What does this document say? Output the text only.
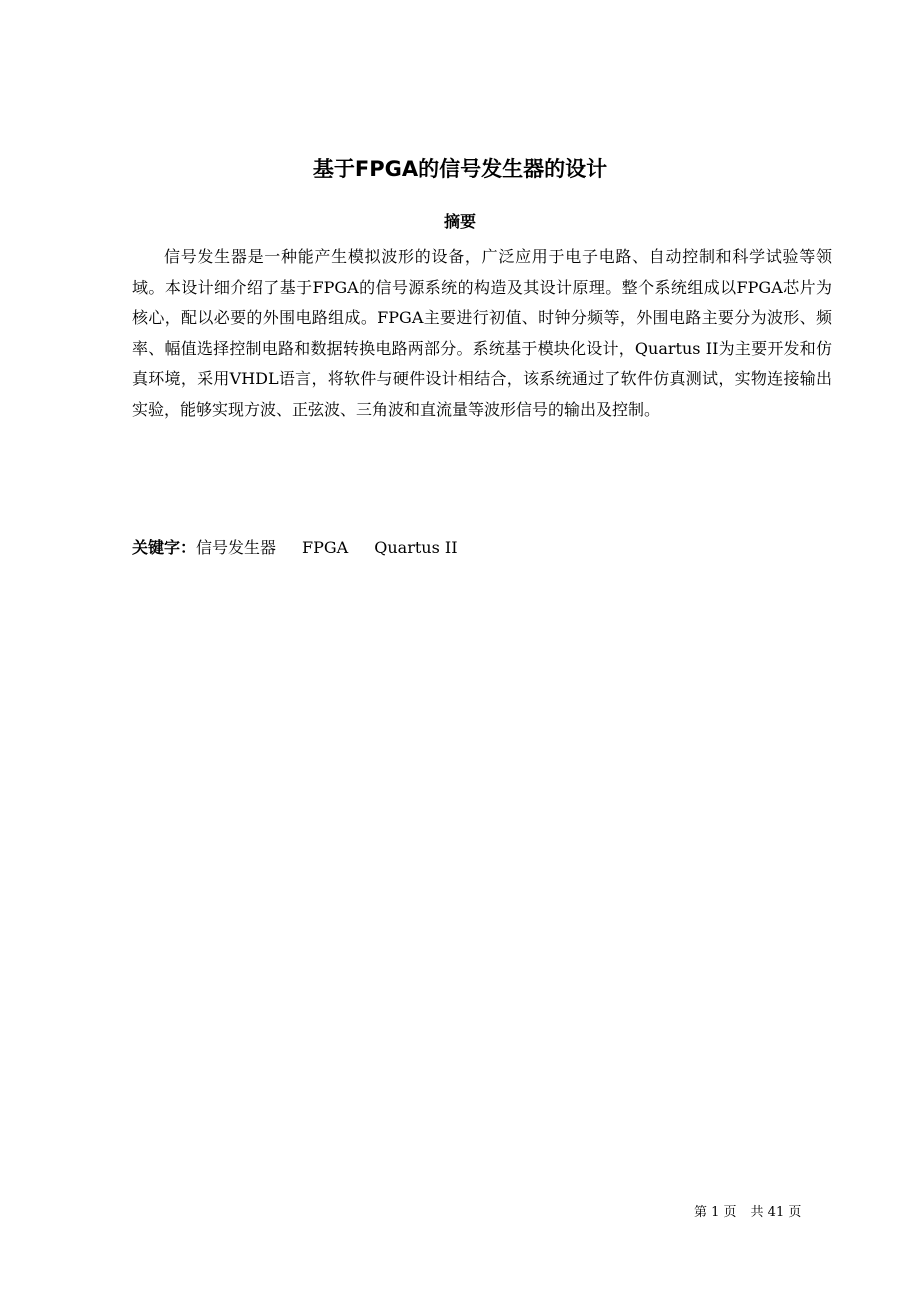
基于FPGA的信号发生器的设计
摘要

信号发生器是一种能产生模拟波形的设备，广泛应用于电子电路、自动控制和科学试验等领域。本设计细介绍了基于FPGA的信号源系统的构造及其设计原理。整个系统组成以FPGA芯片为核心，配以必要的外围电路组成。FPGA主要进行初值、时钟分频等，外围电路主要分为波形、频率、幅值选择控制电路和数据转换电路两部分。系统基于模块化设计，Quartus II为主要开发和仿真环境，采用VHDL语言，将软件与硬件设计相结合，该系统通过了软件仿真测试，实物连接输出实验，能够实现方波、正弦波、三角波和直流量等波形信号的输出及控制。

关键字：信号发生器 FPGA Quartus II

第 1 页 共 41 页
